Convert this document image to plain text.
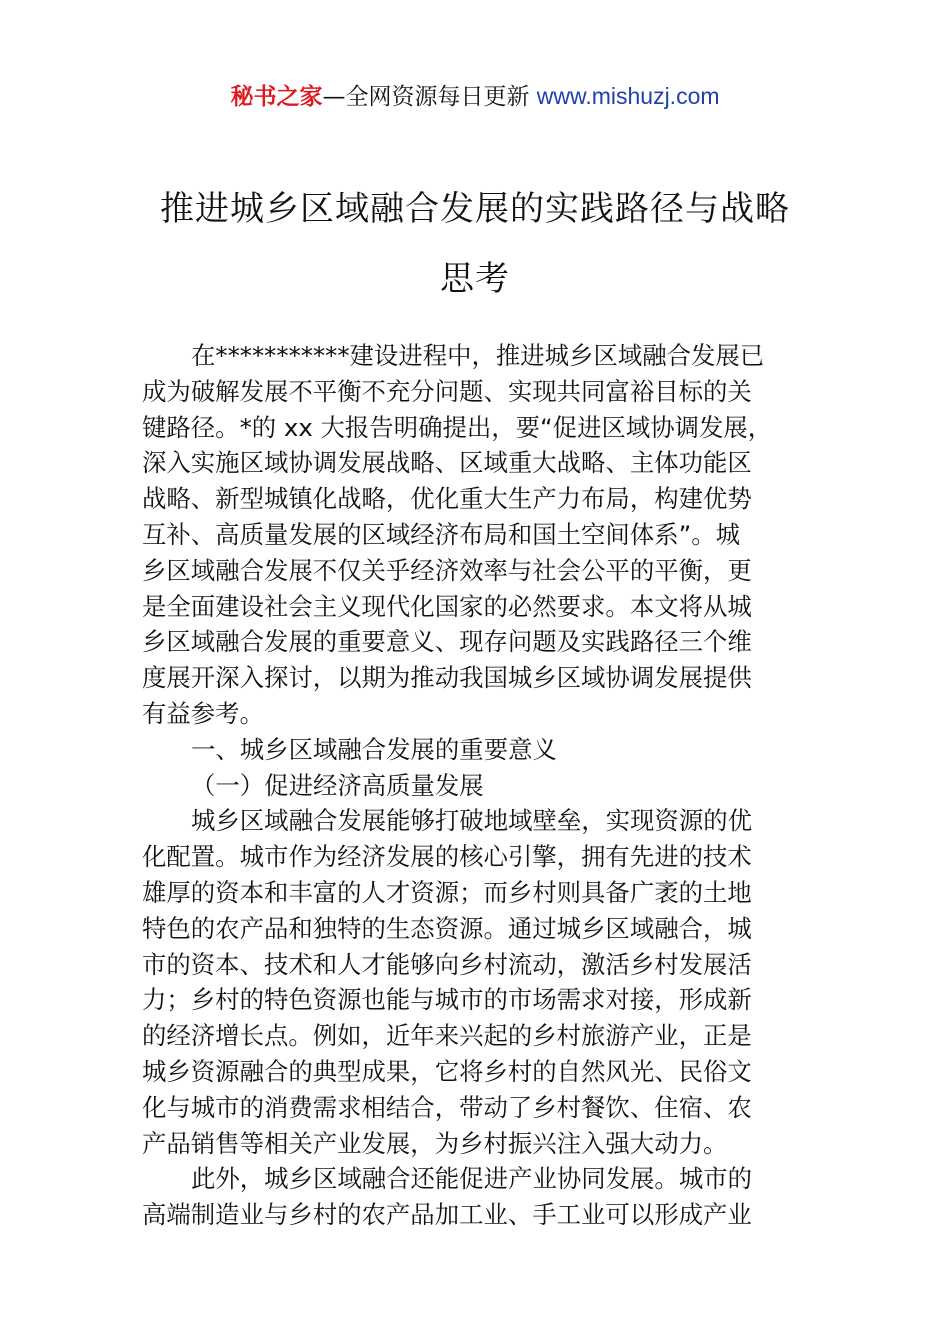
秘书之家—全网资源每日更新 www.mishuzj.com
推进城乡区域融合发展的实践路径与战略
思考
在***********建设进程中，推进城乡区域融合发展已
成为破解发展不平衡不充分问题、实现共同富裕目标的关
键路径。*的 xx 大报告明确提出，要“促进区域协调发展，
深入实施区域协调发展战略、区域重大战略、主体功能区
战略、新型城镇化战略，优化重大生产力布局，构建优势
互补、高质量发展的区域经济布局和国土空间体系”。城
乡区域融合发展不仅关乎经济效率与社会公平的平衡，更
是全面建设社会主义现代化国家的必然要求。本文将从城
乡区域融合发展的重要意义、现存问题及实践路径三个维
度展开深入探讨，以期为推动我国城乡区域协调发展提供
有益参考。
一、城乡区域融合发展的重要意义
（一）促进经济高质量发展
城乡区域融合发展能够打破地域壁垒，实现资源的优
化配置。城市作为经济发展的核心引擎，拥有先进的技术
雄厚的资本和丰富的人才资源；而乡村则具备广袤的土地
特色的农产品和独特的生态资源。通过城乡区域融合，城
市的资本、技术和人才能够向乡村流动，激活乡村发展活
力；乡村的特色资源也能与城市的市场需求对接，形成新
的经济增长点。例如，近年来兴起的乡村旅游产业，正是
城乡资源融合的典型成果，它将乡村的自然风光、民俗文
化与城市的消费需求相结合，带动了乡村餐饮、住宿、农
产品销售等相关产业发展，为乡村振兴注入强大动力。
此外，城乡区域融合还能促进产业协同发展。城市的
高端制造业与乡村的农产品加工业、手工业可以形成产业
